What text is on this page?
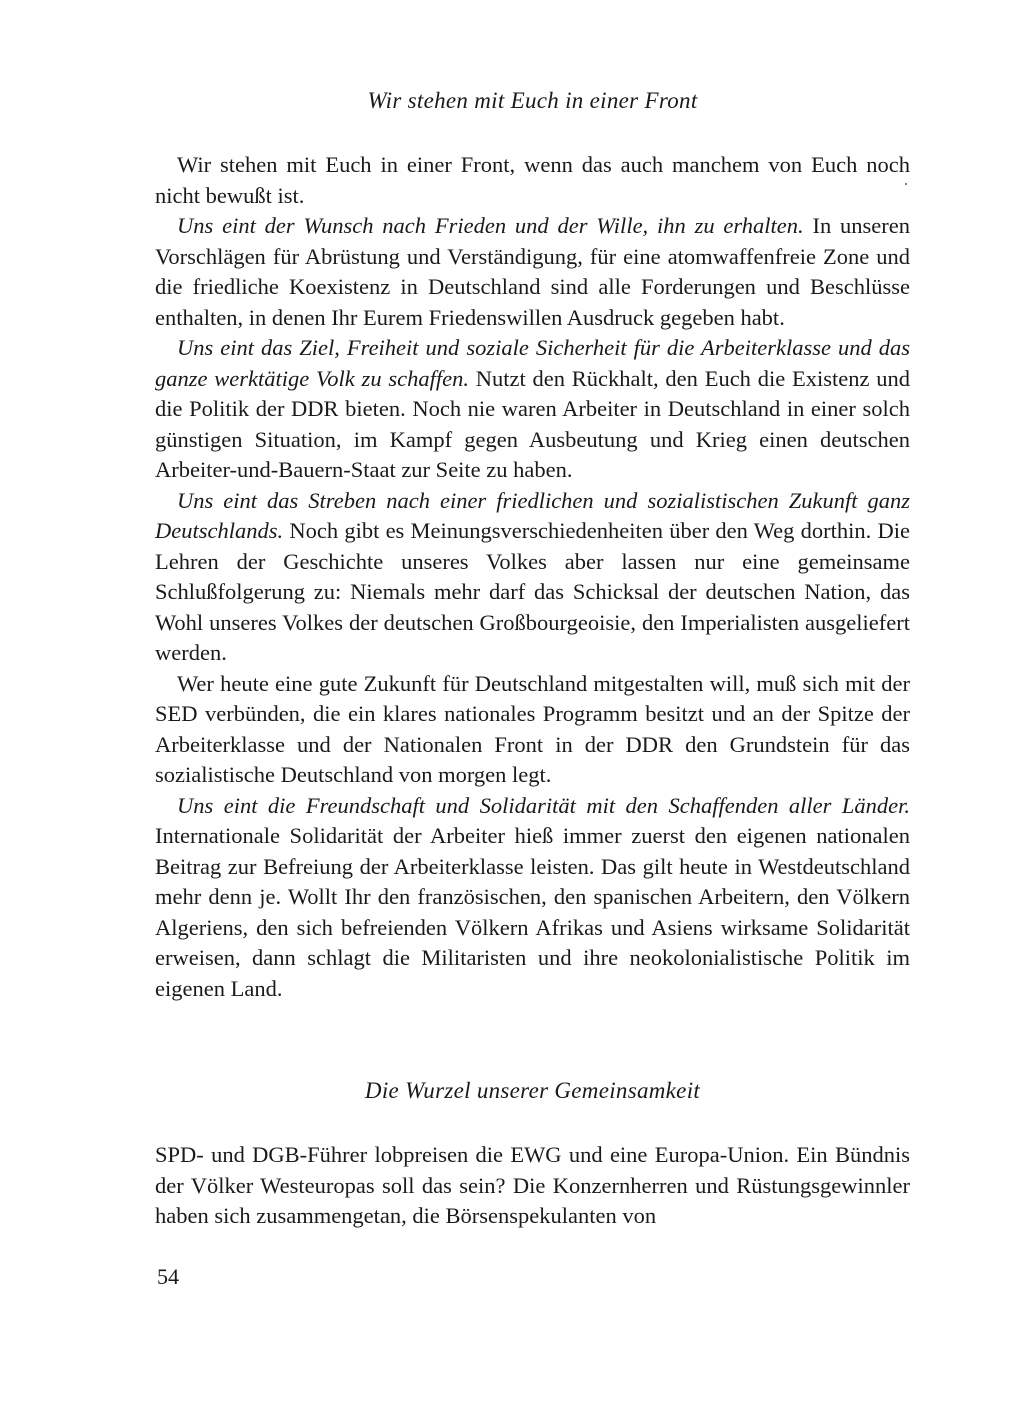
Wir stehen mit Euch in einer Front

Wir stehen mit Euch in einer Front, wenn das auch manchem von Euch noch nicht bewußt ist.

Uns eint der Wunsch nach Frieden und der Wille, ihn zu erhalten. In unseren Vorschlägen für Abrüstung und Verständigung, für eine atomwaffenfreie Zone und die friedliche Koexistenz in Deutschland sind alle Forderungen und Beschlüsse enthalten, in denen Ihr Eurem Friedenswillen Ausdruck gegeben habt.

Uns eint das Ziel, Freiheit und soziale Sicherheit für die Arbeiterklasse und das ganze werktätige Volk zu schaffen. Nutzt den Rückhalt, den Euch die Existenz und die Politik der DDR bieten. Noch nie waren Arbeiter in Deutschland in einer solch günstigen Situation, im Kampf gegen Ausbeutung und Krieg einen deutschen Arbeiter-und-Bauern-Staat zur Seite zu haben.

Uns eint das Streben nach einer friedlichen und sozialistischen Zukunft ganz Deutschlands. Noch gibt es Meinungsverschiedenheiten über den Weg dorthin. Die Lehren der Geschichte unseres Volkes aber lassen nur eine gemeinsame Schlußfolgerung zu: Niemals mehr darf das Schicksal der deutschen Nation, das Wohl unseres Volkes der deutschen Großbourgeoisie, den Imperialisten ausgeliefert werden.

Wer heute eine gute Zukunft für Deutschland mitgestalten will, muß sich mit der SED verbünden, die ein klares nationales Programm besitzt und an der Spitze der Arbeiterklasse und der Nationalen Front in der DDR den Grundstein für das sozialistische Deutschland von morgen legt.

Uns eint die Freundschaft und Solidarität mit den Schaffenden aller Länder. Internationale Solidarität der Arbeiter hieß immer zuerst den eigenen nationalen Beitrag zur Befreiung der Arbeiterklasse leisten. Das gilt heute in Westdeutschland mehr denn je. Wollt Ihr den französischen, den spanischen Arbeitern, den Völkern Algeriens, den sich befreienden Völkern Afrikas und Asiens wirksame Solidarität erweisen, dann schlagt die Militaristen und ihre neokolonialistische Politik im eigenen Land.

Die Wurzel unserer Gemeinsamkeit

SPD- und DGB-Führer lobpreisen die EWG und eine Europa-Union. Ein Bündnis der Völker Westeuropas soll das sein? Die Konzernherren und Rüstungsgewinnler haben sich zusammengetan, die Börsenspekulanten von

54
